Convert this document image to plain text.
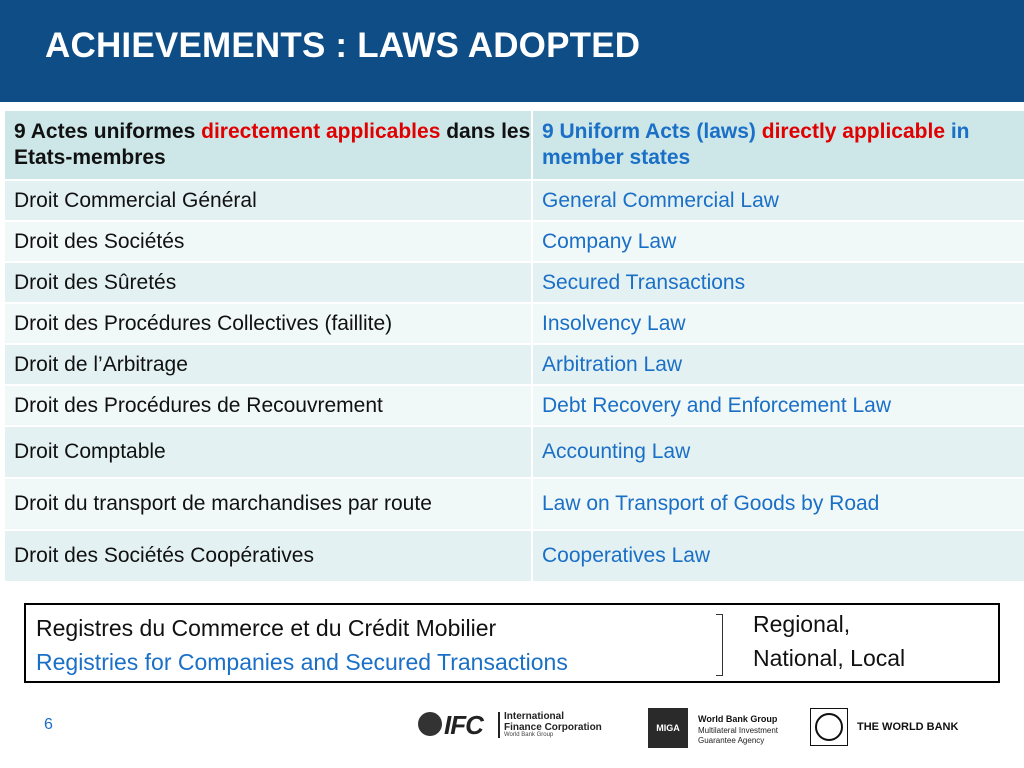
ACHIEVEMENTS : LAWS ADOPTED
9 Actes uniformes directement applicables dans les Etats-membres	9 Uniform Acts (laws) directly applicable in member states
Droit Commercial Général	General Commercial Law
Droit des Sociétés	Company Law
Droit des Sûretés	Secured Transactions
Droit des Procédures Collectives (faillite)	Insolvency Law
Droit de l’Arbitrage	Arbitration Law
Droit des Procédures de Recouvrement	Debt Recovery and Enforcement Law
Droit Comptable	Accounting Law
Droit du transport de marchandises par route	Law on Transport of Goods by Road
Droit des Sociétés Coopératives	Cooperatives Law
Registres du Commerce et du Crédit Mobilier
Registries for Companies and Secured Transactions
Regional,
National, Local
6	IFC International
Finance Corporation
World Bank Group
MIGA
World Bank Group
Multilateral Investment
Guarantee Agency
THE WORLD BANK
